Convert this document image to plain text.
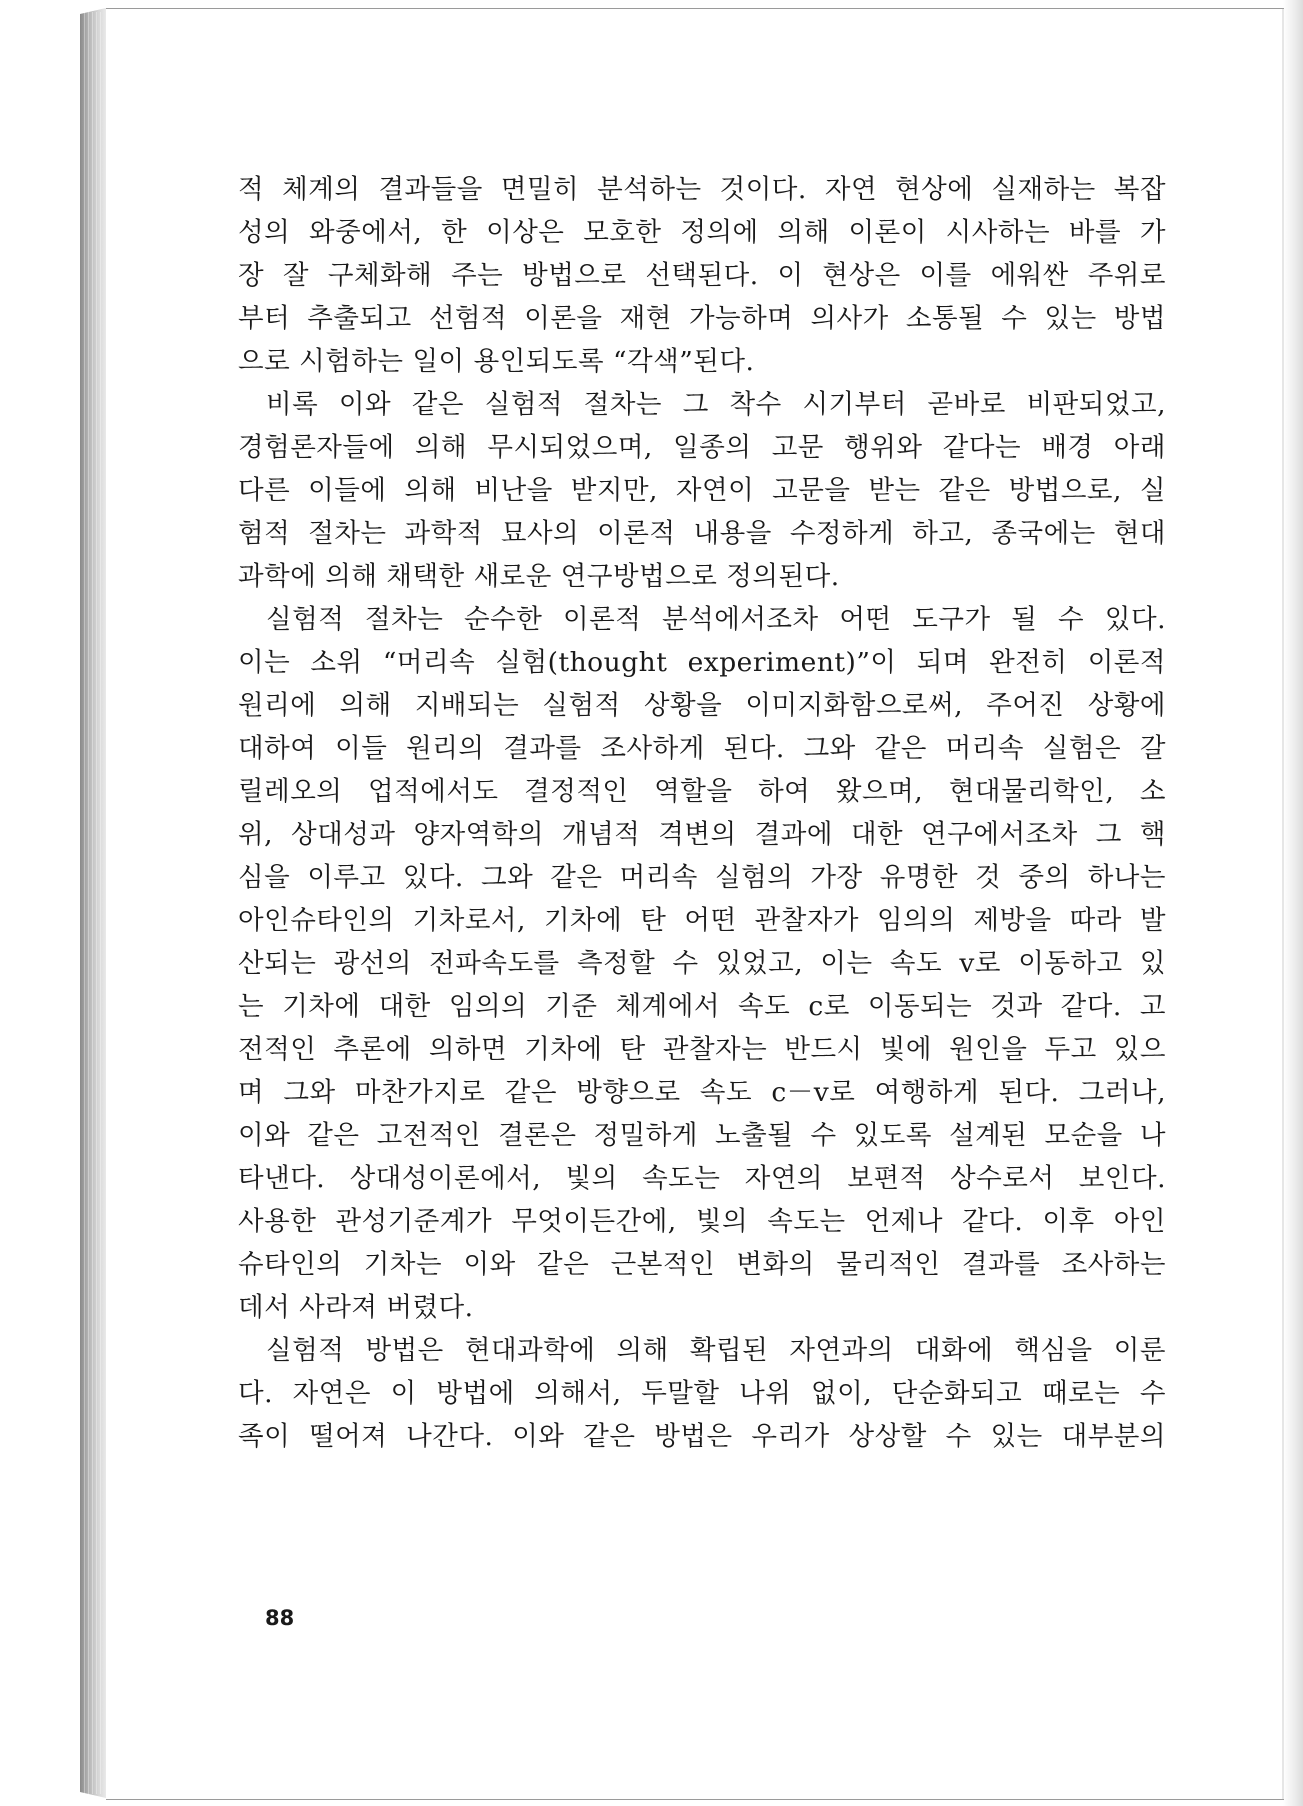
적 체계의 결과들을 면밀히 분석하는 것이다. 자연 현상에 실재하는 복잡
성의 와중에서, 한 이상은 모호한 정의에 의해 이론이 시사하는 바를 가
장 잘 구체화해 주는 방법으로 선택된다. 이 현상은 이를 에워싼 주위로
부터 추출되고 선험적 이론을 재현 가능하며 의사가 소통될 수 있는 방법
으로 시험하는 일이 용인되도록 “각색”된다.
비록 이와 같은 실험적 절차는 그 착수 시기부터 곧바로 비판되었고,
경험론자들에 의해 무시되었으며, 일종의 고문 행위와 같다는 배경 아래
다른 이들에 의해 비난을 받지만, 자연이 고문을 받는 같은 방법으로, 실
험적 절차는 과학적 묘사의 이론적 내용을 수정하게 하고, 종국에는 현대
과학에 의해 채택한 새로운 연구방법으로 정의된다.
실험적 절차는 순수한 이론적 분석에서조차 어떤 도구가 될 수 있다.
이는 소위 “머리속 실험(thought experiment)”이 되며 완전히 이론적
원리에 의해 지배되는 실험적 상황을 이미지화함으로써, 주어진 상황에
대하여 이들 원리의 결과를 조사하게 된다. 그와 같은 머리속 실험은 갈
릴레오의 업적에서도 결정적인 역할을 하여 왔으며, 현대물리학인, 소
위, 상대성과 양자역학의 개념적 격변의 결과에 대한 연구에서조차 그 핵
심을 이루고 있다. 그와 같은 머리속 실험의 가장 유명한 것 중의 하나는
아인슈타인의 기차로서, 기차에 탄 어떤 관찰자가 임의의 제방을 따라 발
산되는 광선의 전파속도를 측정할 수 있었고, 이는 속도 v로 이동하고 있
는 기차에 대한 임의의 기준 체계에서 속도 c로 이동되는 것과 같다. 고
전적인 추론에 의하면 기차에 탄 관찰자는 반드시 빛에 원인을 두고 있으
며 그와 마찬가지로 같은 방향으로 속도 c－v로 여행하게 된다. 그러나,
이와 같은 고전적인 결론은 정밀하게 노출될 수 있도록 설계된 모순을 나
타낸다. 상대성이론에서, 빛의 속도는 자연의 보편적 상수로서 보인다.
사용한 관성기준계가 무엇이든간에, 빛의 속도는 언제나 같다. 이후 아인
슈타인의 기차는 이와 같은 근본적인 변화의 물리적인 결과를 조사하는
데서 사라져 버렸다.
실험적 방법은 현대과학에 의해 확립된 자연과의 대화에 핵심을 이룬
다. 자연은 이 방법에 의해서, 두말할 나위 없이, 단순화되고 때로는 수
족이 떨어져 나간다. 이와 같은 방법은 우리가 상상할 수 있는 대부분의
88
